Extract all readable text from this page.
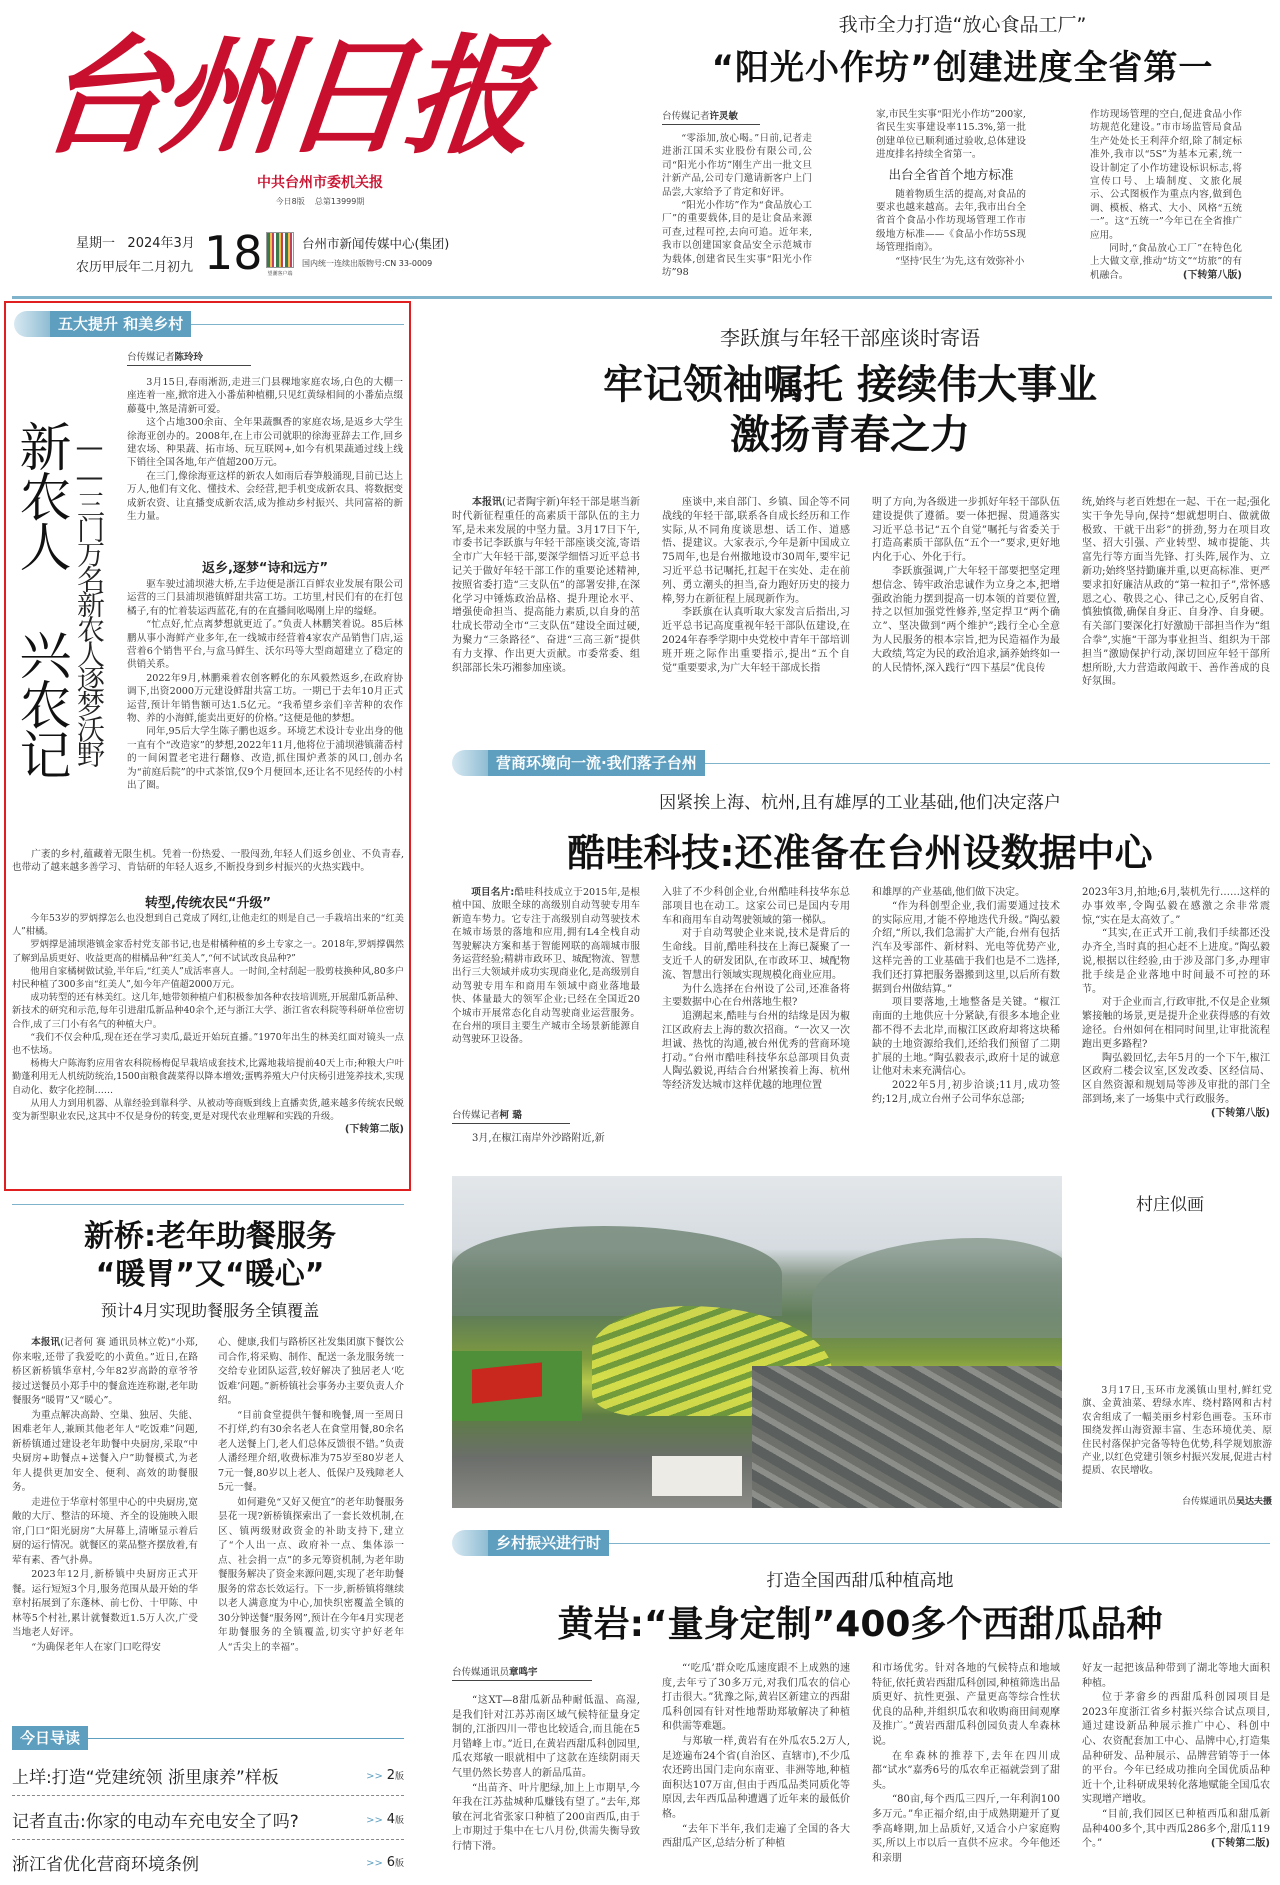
台州日报
中共台州市委机关报
今日8版 总第13999期
星期一 2024年3月
农历甲辰年二月初九 18 望潮客户端
台州市新闻传媒中心(集团)
国内统一连续出版物号:CN 33-0009
我市全力打造“放心食品工厂”
“阳光小作坊”创建进度全省第一
台传媒记者许灵敏

“零添加,放心喝。”日前,记者走进浙江国禾实业股份有限公司,公司“阳光小作坊”刚生产出一批文旦汁新产品,公司专门邀请新客户上门品尝,大家给予了肯定和好评。

“阳光小作坊”作为“食品放心工厂”的重要载体,目的是让食品来源可查,过程可控,去向可追。近年来,我市以创建国家食品安全示范城市为载体,创建省民生实事“阳光小作坊”98

家,市民生实事“阳光小作坊”200家,省民生实事建设率115.3%,第一批创建单位已顺利通过验收,总体建设进度排名持续全省第一。
出台全省首个地方标准

随着物质生活的提高,对食品的要求也越来越高。去年,我市出台全省首个食品小作坊现场管理工作市级地方标准——《食品小作坊5S现场管理指南》。

“坚持‘民生’为先,这有效弥补小

作坊现场管理的空白,促进食品小作坊规范化建设。”市市场监管局食品生产处处长王利萍介绍,除了制定标准外,我市以“5S”为基本元素,统一设计制定了小作坊建设标识标志,将宣传口号、上墙制度、文旅化展示、公式图板作为重点内容,做到色调、模板、格式、大小、风格“五统一”。这“五统一”今年已在全省推广应用。

同时,“食品放心工厂”在特色化上大做文章,推动“坊文”“坊旅”的有机融合。	(下转第八版)

五大提升 和美乡村
新农人 兴农记 ——三门万名新农人逐梦沃野
台传媒记者陈玲玲

3月15日,春雨淅沥,走进三门县稞地家庭农场,白色的大棚一座连着一座,掀帘进入小番茄种植棚,只见红黄绿相间的小番茄点缀藤蔓中,煞是清新可爱。

这个占地300余亩、全年果蔬飘香的家庭农场,是返乡大学生徐海亚创办的。2008年,在上市公司就职的徐海亚辞去工作,回乡建农场、种果蔬、拓市场、玩互联网+,如今有机果蔬通过线上线下销往全国各地,年产值超200万元。

在三门,像徐海亚这样的新农人如雨后春笋般涌现,目前已达上万人,他们有文化、懂技术、会经营,把手机变成新农具、将数据变成新农资、让直播变成新农活,成为推动乡村振兴、共同富裕的新生力量。

返乡,逐梦“诗和远方”

驱车驶过浦坝港大桥,左手边便是浙江百鲜农业发展有限公司运营的三门县浦坝港镇鲜甜共富工坊。工坊里,村民们有的在打包橘子,有的忙着装运西蓝花,有的在直播间吆喝刚上岸的缢蛏。

“忙点好,忙点离梦想就更近了。”负责人林鹏笑着说。85后林鹏从事小海鲜产业多年,在一线城市经营着4家农产品销售门店,运营着6个销售平台,与盒马鲜生、沃尔玛等大型商超建立了稳定的供销关系。

2022年9月,林鹏乘着农创客孵化的东风毅然返乡,在政府协调下,出资2000万元建设鲜甜共富工坊。一期已于去年10月正式运营,预计年销售额可达1.5亿元。“我希望乡亲们辛苦种的农作物、养的小海鲜,能卖出更好的价格。”这便是他的梦想。

同年,95后大学生陈子鹏也返乡。环境艺术设计专业出身的他一直有个“改造家”的梦想,2022年11月,他将位于浦坝港镇蒲岙村的一间闲置老宅进行翻修、改造,抓住围炉煮茶的风口,创办名为“前庭后院”的中式茶馆,仅9个月便回本,还让名不见经传的小村出了圈。

广袤的乡村,蕴藏着无限生机。凭着一份热爱、一股闯劲,年轻人们返乡创业、不负青春,也带动了越来越多善学习、肯钻研的年轻人返乡,不断投身到乡村振兴的火热实践中。

转型,传统农民“升级”

今年53岁的罗炳撑怎么也没想到自己竟成了网红,让他走红的则是自己一手栽培出来的“红美人”柑橘。

罗炳撑是浦坝港镇金家岙村党支部书记,也是柑橘种植的乡土专家之一。2018年,罗炳撑偶然了解到品质更好、收益更高的柑橘品种“红美人”,“何不试试改良品种?”

他用自家橘树做试验,半年后,“红美人”成活率喜人。一时间,全村刮起一股剪枝换种风,80多户村民种植了300多亩“红美人”,如今年产值超2000万元。

成功转型的还有林美红。这几年,她带领种植户们积极参加各种农技培训班,开展甜瓜新品种、新技术的研究和示范,每年引进甜瓜新品种40余个,还与浙江大学、浙江省农科院等科研单位密切合作,成了三门小有名气的种植大户。

“我们不仅会种瓜,现在还在学习卖瓜,最近开始玩直播。”1970年出生的林美红面对镜头一点也不怯场。

杨梅大户陈海豹应用省农科院杨梅促早栽培成套技术,比露地栽培提前40天上市;种粮大户叶勤蓬利用无人机统防统治,1500亩粮食蔬菜得以降本增效;蛋鸭养殖大户付庆杨引进笼养技术,实现自动化、数字化控制……

从用人力到用机器、从靠经验到靠科学、从被动等商贩到线上直播卖货,越来越多传统农民蜕变为新型职业农民,这其中不仅是身份的转变,更是对现代农业理解和实践的升级。
(下转第二版)

李跃旗与年轻干部座谈时寄语
牢记领袖嘱托 接续伟大事业
激扬青春之力

本报讯(记者陶宇新)年轻干部是堪当新时代新征程重任的高素质干部队伍的主力军,是未来发展的中坚力量。3月17日下午,市委书记李跃旗与年轻干部座谈交流,寄语全市广大年轻干部,要深学细悟习近平总书记关于做好年轻干部工作的重要论述精神,按照省委打造“三支队伍”的部署安排,在深化学习中锤炼政治品格、提升理论水平、增强使命担当、提高能力素质,以自身的茁壮成长带动全市“三支队伍”建设全面过硬,为聚力“三条路径”、奋进“三高三新”提供有力支撑、作出更大贡献。市委常委、组织部部长朱巧湘参加座谈。

座谈中,来自部门、乡镇、国企等不同战线的年轻干部,联系各自成长经历和工作实际,从不同角度谈思想、话工作、道感悟、提建议。大家表示,今年是新中国成立75周年,也是台州撤地设市30周年,要牢记习近平总书记嘱托,扛起干在实处、走在前列、勇立潮头的担当,奋力跑好历史的接力棒,努力在新征程上展现新作为。

李跃旗在认真听取大家发言后指出,习近平总书记高度重视年轻干部队伍建设,在2024年春季学期中央党校中青年干部培训班开班之际作出重要指示,提出“五个自觉”重要要求,为广大年轻干部成长指

明了方向,为各级进一步抓好年轻干部队伍建设提供了遵循。要一体把握、贯通落实习近平总书记“五个自觉”嘱托与省委关于打造高素质干部队伍“五个一”要求,更好地内化于心、外化于行。

李跃旗强调,广大年轻干部要把坚定理想信念、铸牢政治忠诚作为立身之本,把增强政治能力摆到提高一切本领的首要位置,持之以恒加强党性修养,坚定捍卫“两个确立”、坚决做到“两个维护”;践行全心全意为人民服务的根本宗旨,把为民造福作为最大政绩,笃定为民的政治追求,涵养始终如一的人民情怀,深入践行“四下基层”优良传

统,始终与老百姓想在一起、干在一起;强化实干争先导向,保持“想就想明白、做就做极致、干就干出彩”的拼劲,努力在项目攻坚、招大引强、产业转型、城市提能、共富先行等方面当先锋、打头阵,展作为、立新功;始终坚持勤廉并重,以更高标准、更严要求扣好廉洁从政的“第一粒扣子”,常怀感恩之心、敬畏之心、律己之心,反躬自省、慎独慎微,确保自身正、自身净、自身硬。有关部门要深化打好激励干部担当作为“组合拳”,实施“干部为事业担当、组织为干部担当”激励保护行动,深切回应年轻干部所想所盼,大力营造敢闯敢干、善作善成的良好氛围。
营商环境向一流·我们落子台州
因紧挨上海、杭州,且有雄厚的工业基础,他们决定落户
酷哇科技:还准备在台州设数据中心

项目名片:酷哇科技成立于2015年,是根植中国、放眼全球的高级别自动驾驶专用车新造车势力。它专注于高级别自动驾驶技术在城市场景的落地和应用,拥有L4全栈自动驾驶解决方案和基于智能网联的高端城市服务运营经验;精耕市政环卫、城配物流、智慧出行三大领域并成功实现商业化,是高级别自动驾驶专用车和商用车领域中商业落地最快、体量最大的领军企业;已经在全国近20个城市开展常态化自动驾驶商业运营服务。在台州的项目主要生产城市全场景新能源自动驾驶环卫设备。

台传媒记者柯 璐

3月,在椒江南岸外沙路附近,新

入驻了不少科创企业,台州酷哇科技华东总部项目也在动工。这家公司已是国内专用车和商用车自动驾驶领域的第一梯队。

对于自动驾驶企业来说,技术是背后的生命线。目前,酷哇科技在上海已凝聚了一支近千人的研发团队,在市政环卫、城配物流、智慧出行领域实现规模化商业应用。

为什么选择在台州设了公司,还准备将主要数据中心在台州落地生根?

追溯起来,酷哇与台州的结缘是因为椒江区政府去上海的数次招商。“一次又一次坦诚、热忱的沟通,被台州优秀的营商环境打动。”台州市酷哇科技华东总部项目负责人陶弘毅说,再结合台州紧挨着上海、杭州等经济发达城市这样优越的地理位置

和雄厚的产业基础,他们做下决定。

“作为科创型企业,我们需要通过技术的实际应用,才能不停地迭代升级。”陶弘毅介绍,“所以,我们急需扩大产能,台州有包括汽车及零部件、新材料、光电等优势产业,这样完善的工业基础于我们也是不二选择,我们还打算把服务器搬到这里,以后所有数据到台州做结算。”

项目要落地,土地整备是关键。“椒江南面的土地供应十分紧缺,有很多本地企业都不得不去北岸,而椒江区政府却将这块稀缺的土地资源给我们,还给我们预留了二期扩展的土地。”陶弘毅表示,政府十足的诚意让他对未来充满信心。

2022年5月,初步洽谈;11月,成功签约;12月,成立台州子公司华东总部;

2023年3月,拍地;6月,装机先行……这样的办事效率,令陶弘毅在感激之余非常震惊,“实在是太高效了。”

“其实,在正式开工前,我们手续都还没办齐全,当时真的担心赶不上进度。”陶弘毅说,根据以往经验,由于涉及部门多,办理审批手续是企业落地中时间最不可控的环节。

对于企业而言,行政审批,不仅是企业频繁接触的场景,更是提升企业获得感的有效途径。台州如何在相同时间里,让审批流程跑出更多路程?

陶弘毅回忆,去年5月的一个下午,椒江区政府二楼会议室,区发改委、区经信局、区自然资源和规划局等涉及审批的部门全部到场,来了一场集中式行政服务。
(下转第八版)

村庄似画

3月17日,玉环市龙溪镇山里村,鲜红党旗、金黄油菜、碧绿水库、绕村路网和古村农舍组成了一幅美丽乡村彩色画卷。玉环市围绕发挥山海资源丰富、生态环境优美、原住民村落保护完备等特色优势,科学规划旅游产业,以红色党建引领乡村振兴发展,促进古村提质、农民增收。

台传媒通讯员吴达夫摄
新桥:老年助餐服务
“暖胃”又“暖心”
预计4月实现助餐服务全镇覆盖

本报讯(记者何 赛 通讯员林立乾)“小郑,你来啦,还带了我爱吃的小黄鱼。”近日,在路桥区新桥镇华章村,今年82岁高龄的章爷爷接过送餐员小郑手中的餐盒连连称谢,老年助餐服务“暖胃”又“暖心”。

为重点解决高龄、空巢、独居、失能、困难老年人,兼顾其他老年人“吃饭难”问题,新桥镇通过建设老年助餐中央厨房,采取“中央厨房+助餐点+送餐入户”助餐模式,为老年人提供更加安全、便利、高效的助餐服务。

走进位于华章村邻里中心的中央厨房,宽敞的大厅、整洁的环境、齐全的设施映入眼帘,门口“阳光厨房”大屏幕上,清晰显示着后厨的运行情况。就餐区的菜品整齐摆放着,有荤有素、香气扑鼻。

2023年12月,新桥镇中央厨房正式开餐。运行短短3个月,服务范围从最开始的华章村拓展到了东蓬林、前七份、十甲陈、中林等5个村社,累计就餐数近1.5万人次,广受当地老人好评。

“为确保老年人在家门口吃得安

心、健康,我们与路桥区社发集团旗下餐饮公司合作,将采购、制作、配送一条龙服务统一交给专业团队运营,较好解决了独居老人‘吃饭难’问题。”新桥镇社会事务办主要负责人介绍。

“目前食堂提供午餐和晚餐,周一至周日不打烊,约有30余名老人在食堂用餐,80余名老人送餐上门,老人们总体反馈很不错。”负责人潘经理介绍,收费标准为75岁至80岁老人7元一餐,80岁以上老人、低保户及残障老人5元一餐。

如何避免“又好又便宜”的老年助餐服务昙花一现?新桥镇探索出了一套长效机制,在区、镇两级财政资金的补助支持下,建立了“个人出一点、政府补一点、集体添一点、社会捐一点”的多元筹资机制,为老年助餐服务解决了资金来源问题,实现了老年助餐服务的常态长效运行。下一步,新桥镇将继续以老人满意度为中心,加快织密覆盖全镇的30分钟送餐“服务网”,预计在今年4月实现老年助餐服务的全镇覆盖,切实守护好老年人“舌尖上的幸福”。

今日导读
上垟:打造“党建统领 浙里康养”样板	>> 2版
记者直击:你家的电动车充电安全了吗?	>> 4版
浙江省优化营商环境条例	>> 6版
乡村振兴进行时
打造全国西甜瓜种植高地
黄岩:“量身定制”400多个西甜瓜品种
台传媒通讯员章鸣宇

“这XT—8甜瓜新品种耐低温、高湿,是我们针对江苏苏南区域气候特征量身定制的,江浙四川一带也比较适合,而且能在5月错峰上市。”近日,在黄岩西甜瓜科创园里,瓜农郑敏一眼就相中了这款在连续阴雨天气里仍然长势喜人的新品瓜苗。

“出苗齐、叶片肥绿,加上上市期早,今年我在江苏盐城种瓜赚钱有望了。”去年,郑敏在河北省张家口种植了200亩西瓜,由于上市期过于集中在七八月份,供需失衡导致行情下滑。

“‘吃瓜’群众吃瓜速度跟不上成熟的速度,去年亏了30多万元,对我们瓜农的信心打击很大。”犹豫之际,黄岩区新建立的西甜瓜科创园有针对性地帮助郑敏解决了种植和供需等难题。

与郑敏一样,黄岩有在外瓜农5.2万人,足迹遍布24个省(自治区、直辖市),不少瓜农还跨出国门走向东南亚、非洲等地,种植面积达107万亩,但由于西瓜品类同质化等原因,去年西瓜品种遭遇了近年来的最低价格。

“去年下半年,我们走遍了全国的各大西甜瓜产区,总结分析了种植

和市场优劣。针对各地的气候特点和地域特征,依托黄岩西甜瓜科创园,种植筛选出品质更好、抗性更强、产量更高等综合性状优良的品种,并组织瓜农和收购商田间观摩及推广。”黄岩西甜瓜科创园负责人牟森林说。

在牟森林的推荐下,去年在四川成都“试水”嘉秀6号的瓜农牟正福就尝到了甜头。

“80亩,每个西瓜三四斤,一年利润100多万元。”牟正福介绍,由于成熟期避开了夏季高峰期,加上品质好,又适合小户家庭购买,所以上市以后一直供不应求。今年他还和亲朋

好友一起把该品种带到了湖北等地大面积种植。

位于茅畲乡的西甜瓜科创园项目是2023年度浙江省乡村振兴综合试点项目,通过建设新品种展示推广中心、科创中心、农资配套加工中心、品牌中心,打造集品种研发、品种展示、品牌营销等于一体的平台。今年已经成功推向全国优质品种近十个,让科研成果转化落地赋能全国瓜农实现增产增收。

“目前,我们园区已种植西瓜和甜瓜新品种400多个,其中西瓜286多个,甜瓜119个。”	(下转第二版)
